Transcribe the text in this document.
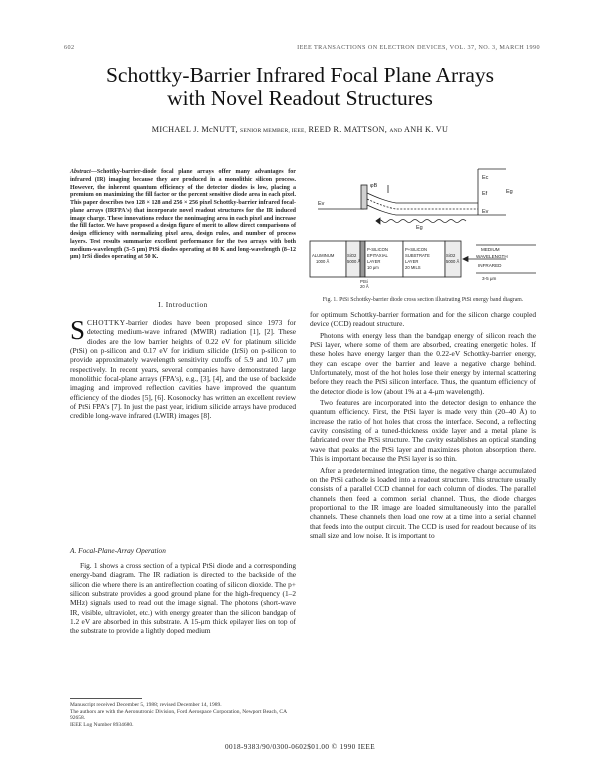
602	IEEE TRANSACTIONS ON ELECTRON DEVICES, VOL. 37, NO. 3, MARCH 1990
Schottky-Barrier Infrared Focal Plane Arrays
with Novel Readout Structures
MICHAEL J. McNUTT, SENIOR MEMBER, IEEE, REED R. MATTSON, AND ANH K. VU
Abstract—Schottky-barrier-diode focal plane arrays offer many advantages for infrared (IR) imaging because they are produced in a monolithic silicon process. However, the inherent quantum efficiency of the detector diodes is low, placing a premium on maximizing the fill factor or the percent sensitive diode area in each pixel. This paper describes two 128 × 128 and 256 × 256 pixel Schottky-barrier infrared focal-plane arrays (IRFPA's) that incorporate novel readout structures for the IR induced image charge. These innovations reduce the nonimaging area in each pixel and increase the fill factor. We have proposed a design figure of merit to allow direct comparisons of design efficiency with normalizing pixel area, design rules, and number of process layers. Test results summarize excellent performance for the two arrays with both medium-wavelength (3–5 μm) PtSi diodes operating at 80 K and long-wavelength (8–12 μm) IrSi diodes operating at 50 K.
I. Introduction
SCHOTTKY-barrier diodes have been proposed since 1973 for detecting medium-wave infrared (MWIR) radiation [1], [2]. These diodes are the low barrier heights of 0.22 eV for platinum silicide (PtSi) on p-silicon and 0.17 eV for iridium silicide (IrSi) on p-silicon to provide approximately wavelength sensitivity cutoffs of 5.9 and 10.7 μm respectively. In recent years, several companies have demonstrated large monolithic focal-plane arrays (FPA's), e.g., [3], [4], and the use of backside imaging and improved reflection cavities have improved the quantum efficiency of the diodes [5], [6]. Kosonocky has written an excellent review of PtSi FPA's [7]. In just the past year, iridium silicide arrays have produced credible long-wave infrared (LWIR) images [8].
A. Focal-Plane-Array Operation

Fig. 1 shows a cross section of a typical PtSi diode and a corresponding energy-band diagram. The IR radiation is directed to the backside of the silicon die where there is an antireflection coating of silicon dioxide. The p+ silicon substrate provides a good ground plane for the high-frequency (1–2 MHz) signals used to read out the image signal. The photons (short-wave IR, visible, ultraviolet, etc.) with energy greater than the silicon bandgap of 1.2 eV are absorbed in this substrate. A 15-μm thick epilayer lies on top of the substrate to provide a lightly doped medium

Manuscript received December 5, 1988; revised December 14, 1989.
The authors are with the Aeronutronic Division, Ford Aerospace Corporation, Newport Beach, CA 92658.
IEEE Log Number 8934680.
Ec
Ef
Ev
Eg
Eg
φB
Ev
ALUMINUM
1000 Å
SiO2
5000 Å
PtSi
20 Å
P-SILICON
EPITAXIAL
LAYER
10 μm
P+SILICON
SUBSTRATE
LAYER
20 MILS
SiO2
5000 Å
MEDIUM
WAVELENGTH
INFRARED
3-5 μm
Fig. 1. PtSi Schottky-barrier diode cross section illustrating PtSi energy band diagram.

for optimum Schottky-barrier formation and for the silicon charge coupled device (CCD) readout structure.

Photons with energy less than the bandgap energy of silicon reach the PtSi layer, where some of them are absorbed, creating energetic holes. If these holes have energy larger than the 0.22-eV Schottky-barrier energy, they can escape over the barrier and leave a negative charge behind. Unfortunately, most of the hot holes lose their energy by internal scattering before they reach the PtSi silicon interface. Thus, the quantum efficiency of the detector diode is low (about 1% at a 4-μm wavelength).

Two features are incorporated into the detector design to enhance the quantum efficiency. First, the PtSi layer is made very thin (20–40 Å) to increase the ratio of hot holes that cross the interface. Second, a reflecting cavity consisting of a tuned-thickness oxide layer and a metal plane is fabricated over the PtSi structure. The cavity establishes an optical standing wave that peaks at the PtSi layer and maximizes photon absorption there. This is important because the PtSi layer is so thin.

After a predetermined integration time, the negative charge accumulated on the PtSi cathode is loaded into a readout structure. This structure usually consists of a parallel CCD channel for each column of diodes. The parallel channels then feed a common serial channel. Thus, the diode charges proportional to the IR image are loaded simultaneously into the parallel channels. These channels then load one row at a time into a serial channel that feeds into the output circuit. The CCD is used for readout because of its small size and low noise. It is important to

0018-9383/90/0300-0602$01.00 © 1990 IEEE
